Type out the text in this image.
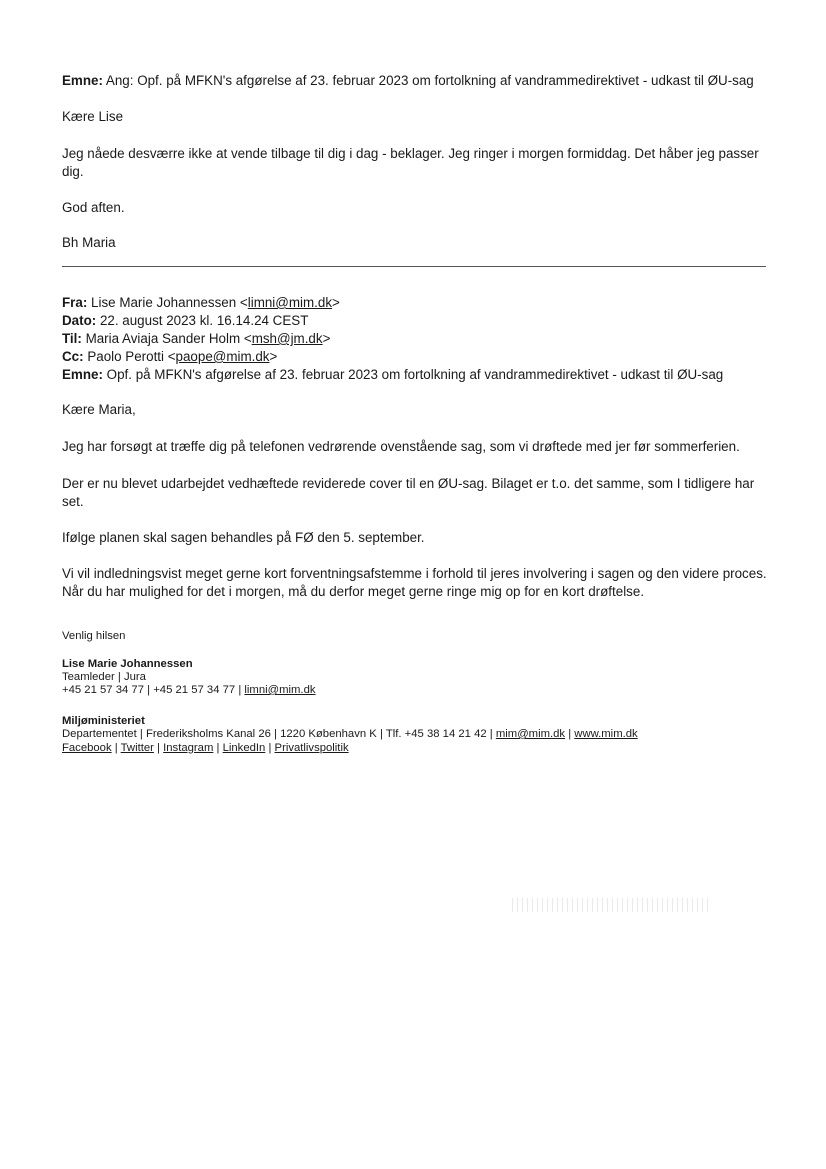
Emne: Ang: Opf. på MFKN's afgørelse af 23. februar 2023 om fortolkning af vandrammedirektivet - udkast til ØU-sag
Kære Lise
Jeg nåede desværre ikke at vende tilbage til dig i dag - beklager. Jeg ringer i morgen formiddag. Det håber jeg passer dig.
God aften.
Bh Maria
Fra: Lise Marie Johannessen <limni@mim.dk>
Dato: 22. august 2023 kl. 16.14.24 CEST
Til: Maria Aviaja Sander Holm <msh@jm.dk>
Cc: Paolo Perotti <paope@mim.dk>
Emne: Opf. på MFKN's afgørelse af 23. februar 2023 om fortolkning af vandrammedirektivet - udkast til ØU-sag
Kære Maria,
Jeg har forsøgt at træffe dig på telefonen vedrørende ovenstående sag, som vi drøftede med jer før sommerferien.
Der er nu blevet udarbejdet vedhæftede reviderede cover til en ØU-sag. Bilaget er t.o. det samme, som I tidligere har set.
Ifølge planen skal sagen behandles på FØ den 5. september.
Vi vil indledningsvist meget gerne kort forventningsafstemme i forhold til jeres involvering i sagen og den videre proces. Når du har mulighed for det i morgen, må du derfor meget gerne ringe mig op for en kort drøftelse.
Venlig hilsen
Lise Marie Johannessen
Teamleder | Jura
+45 21 57 34 77 | +45 21 57 34 77 | limni@mim.dk
Miljøministeriet
Departementet | Frederiksholms Kanal 26 | 1220 København K | Tlf. +45 38 14 21 42 | mim@mim.dk | www.mim.dk
Facebook | Twitter | Instagram | LinkedIn | Privatlivspolitik
